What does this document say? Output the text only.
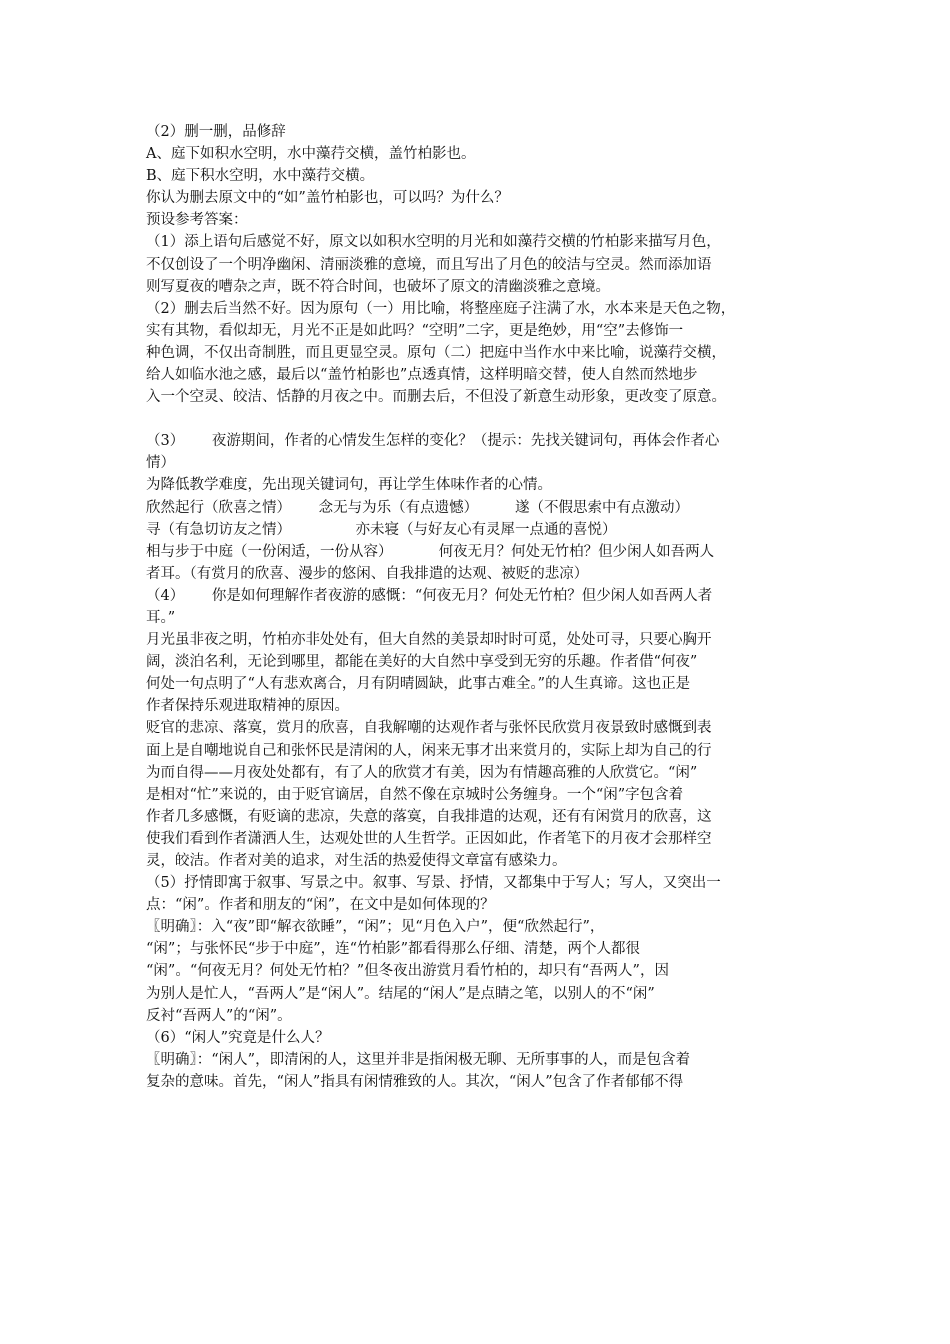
（2）删一删，品修辞
A、庭下如积水空明，水中藻荇交横，盖竹柏影也。
B、庭下积水空明，水中藻荇交横。
你认为删去原文中的“如”盖竹柏影也，可以吗？为什么？
预设参考答案：
（1）添上语句后感觉不好，原文以如积水空明的月光和如藻荇交横的竹柏影来描写月色，
不仅创设了一个明净幽闲、清丽淡雅的意境，而且写出了月色的皎洁与空灵。然而添加语
则写夏夜的嘈杂之声，既不符合时间，也破坏了原文的清幽淡雅之意境。
（2）删去后当然不好。因为原句（一）用比喻，将整座庭子注满了水，水本来是天色之物，
实有其物，看似却无，月光不正是如此吗？“空明”二字，更是绝妙，用“空”去修饰一
种色调，不仅出奇制胜，而且更显空灵。原句（二）把庭中当作水中来比喻，说藻荇交横，
给人如临水池之感，最后以“盖竹柏影也”点透真情，这样明暗交替，使人自然而然地步
入一个空灵、皎洁、恬静的月夜之中。而删去后，不但没了新意生动形象，更改变了原意。
（3）      夜游期间，作者的心情发生怎样的变化？（提示：先找关键词句，再体会作者心
情）
为降低教学难度，先出现关键词句，再让学生体味作者的心情。
欣然起行（欣喜之情）      念无与为乐（有点遗憾）        遂（不假思索中有点激动）
寻（有急切访友之情）              亦未寝（与好友心有灵犀一点通的喜悦）
相与步于中庭（一份闲适，一份从容）          何夜无月？何处无竹柏？但少闲人如吾两人
者耳。（有赏月的欣喜、漫步的悠闲、自我排遣的达观、被贬的悲凉）
（4）      你是如何理解作者夜游的感慨：“何夜无月？何处无竹柏？但少闲人如吾两人者
耳。”
月光虽非夜之明，竹柏亦非处处有，但大自然的美景却时时可觅，处处可寻，只要心胸开
阔，淡泊名利，无论到哪里，都能在美好的大自然中享受到无穷的乐趣。作者借“何夜”
何处一句点明了“人有悲欢离合，月有阴晴圆缺，此事古难全。”的人生真谛。这也正是
作者保持乐观进取精神的原因。
贬官的悲凉、落寞，赏月的欣喜，自我解嘲的达观作者与张怀民欣赏月夜景致时感慨到表
面上是自嘲地说自己和张怀民是清闲的人，闲来无事才出来赏月的，实际上却为自己的行
为而自得——月夜处处都有，有了人的欣赏才有美，因为有情趣高雅的人欣赏它。“闲”
是相对“忙”来说的，由于贬官谪居，自然不像在京城时公务缠身。一个“闲”字包含着
作者几多感慨，有贬谪的悲凉，失意的落寞，自我排遣的达观，还有有闲赏月的欣喜，这
使我们看到作者潇洒人生，达观处世的人生哲学。正因如此，作者笔下的月夜才会那样空
灵，皎洁。作者对美的追求，对生活的热爱使得文章富有感染力。
（5）抒情即寓于叙事、写景之中。叙事、写景、抒情，又都集中于写人；写人，又突出一
点：“闲”。作者和朋友的“闲”，在文中是如何体现的？
〖明确〗：入“夜”即“解衣欲睡”，“闲”；见“月色入户”，便“欣然起行”，
“闲”；与张怀民“步于中庭”，连“竹柏影”都看得那么仔细、清楚，两个人都很
“闲”。“何夜无月？何处无竹柏？”但冬夜出游赏月看竹柏的，却只有“吾两人”，因
为别人是忙人，“吾两人”是“闲人”。结尾的“闲人”是点睛之笔，以别人的不“闲”
反衬“吾两人”的“闲”。
（6）“闲人”究竟是什么人？
〖明确〗：“闲人”，即清闲的人，这里并非是指闲极无聊、无所事事的人，而是包含着
复杂的意味。首先，“闲人”指具有闲情雅致的人。其次，“闲人”包含了作者郁郁不得
